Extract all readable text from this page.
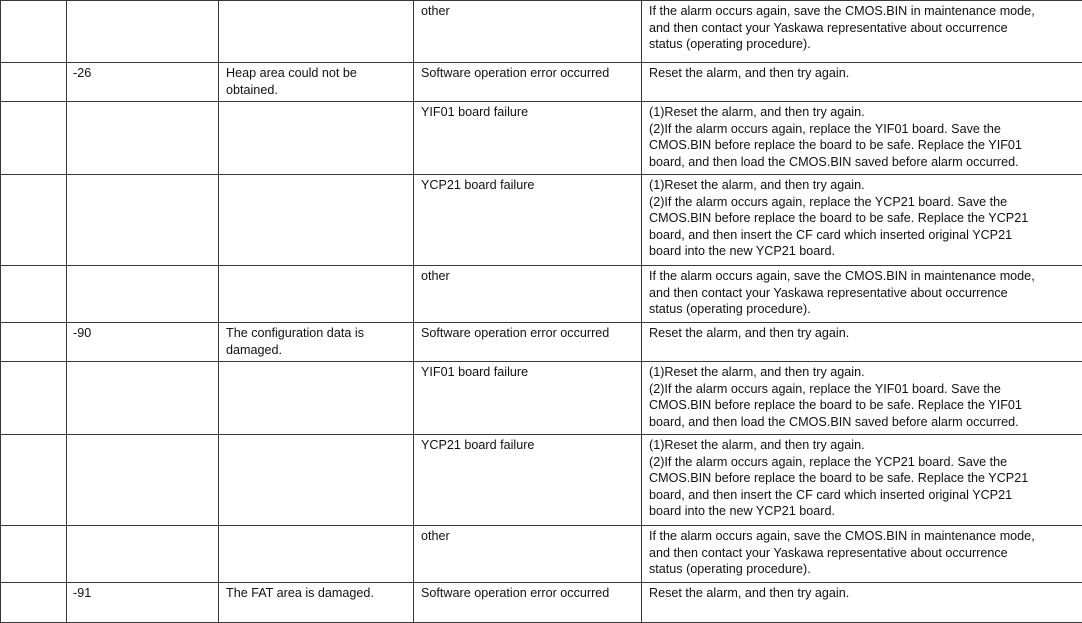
			other	If the alarm occurs again, save the CMOS.BIN in maintenance mode,
and then contact your Yaskawa representative about occurrence
status (operating procedure).

	-26	Heap area could not be obtained.	Software operation error occurred	Reset the alarm, and then try again.

			YIF01 board failure	(1)Reset the alarm, and then try again.
(2)If the alarm occurs again, replace the YIF01 board. Save the
CMOS.BIN before replace the board to be safe. Replace the YIF01
board, and then load the CMOS.BIN saved before alarm occurred.

			YCP21 board failure	(1)Reset the alarm, and then try again.
(2)If the alarm occurs again, replace the YCP21 board. Save the
CMOS.BIN before replace the board to be safe. Replace the YCP21
board, and then insert the CF card which inserted original YCP21
board into the new YCP21 board.

			other	If the alarm occurs again, save the CMOS.BIN in maintenance mode,
and then contact your Yaskawa representative about occurrence
status (operating procedure).

	-90	The configuration data is damaged.	Software operation error occurred	Reset the alarm, and then try again.

			YIF01 board failure	(1)Reset the alarm, and then try again.
(2)If the alarm occurs again, replace the YIF01 board. Save the
CMOS.BIN before replace the board to be safe. Replace the YIF01
board, and then load the CMOS.BIN saved before alarm occurred.

			YCP21 board failure	(1)Reset the alarm, and then try again.
(2)If the alarm occurs again, replace the YCP21 board. Save the
CMOS.BIN before replace the board to be safe. Replace the YCP21
board, and then insert the CF card which inserted original YCP21
board into the new YCP21 board.

			other	If the alarm occurs again, save the CMOS.BIN in maintenance mode,
and then contact your Yaskawa representative about occurrence
status (operating procedure).

	-91	The FAT area is damaged.	Software operation error occurred	Reset the alarm, and then try again.
